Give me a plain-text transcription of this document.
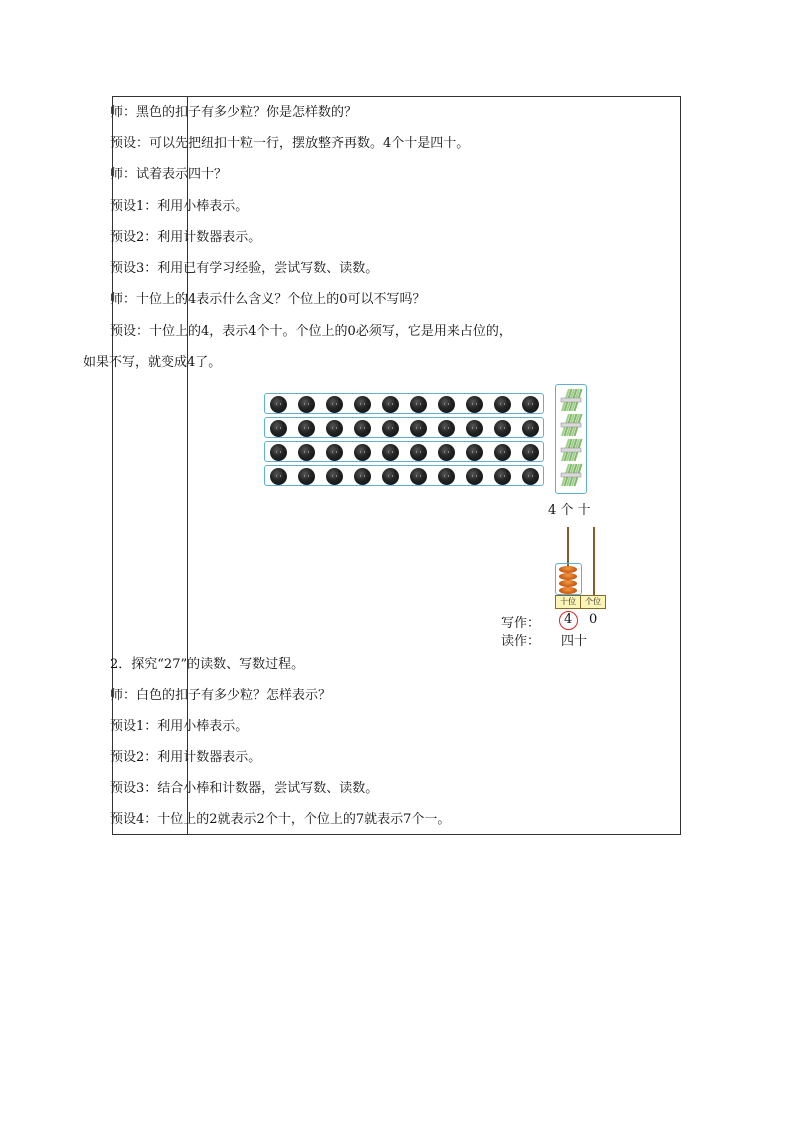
师：黑色的扣子有多少粒？你是怎样数的？
预设：可以先把纽扣十粒一行，摆放整齐再数。4个十是四十。
师：试着表示四十？
预设1：利用小棒表示。
预设2：利用计数器表示。
预设3：利用已有学习经验，尝试写数、读数。
师：十位上的4表示什么含义？个位上的0可以不写吗？
预设：十位上的4，表示4个十。个位上的0必须写，它是用来占位的，
如果不写，就变成4了。
4 个 十
十位	个位
写作： 4 0
读作： 四十
2．探究“27”的读数、写数过程。
师：白色的扣子有多少粒？怎样表示？
预设1：利用小棒表示。
预设2：利用计数器表示。
预设3：结合小棒和计数器，尝试写数、读数。
预设4：十位上的2就表示2个十，个位上的7就表示7个一。
